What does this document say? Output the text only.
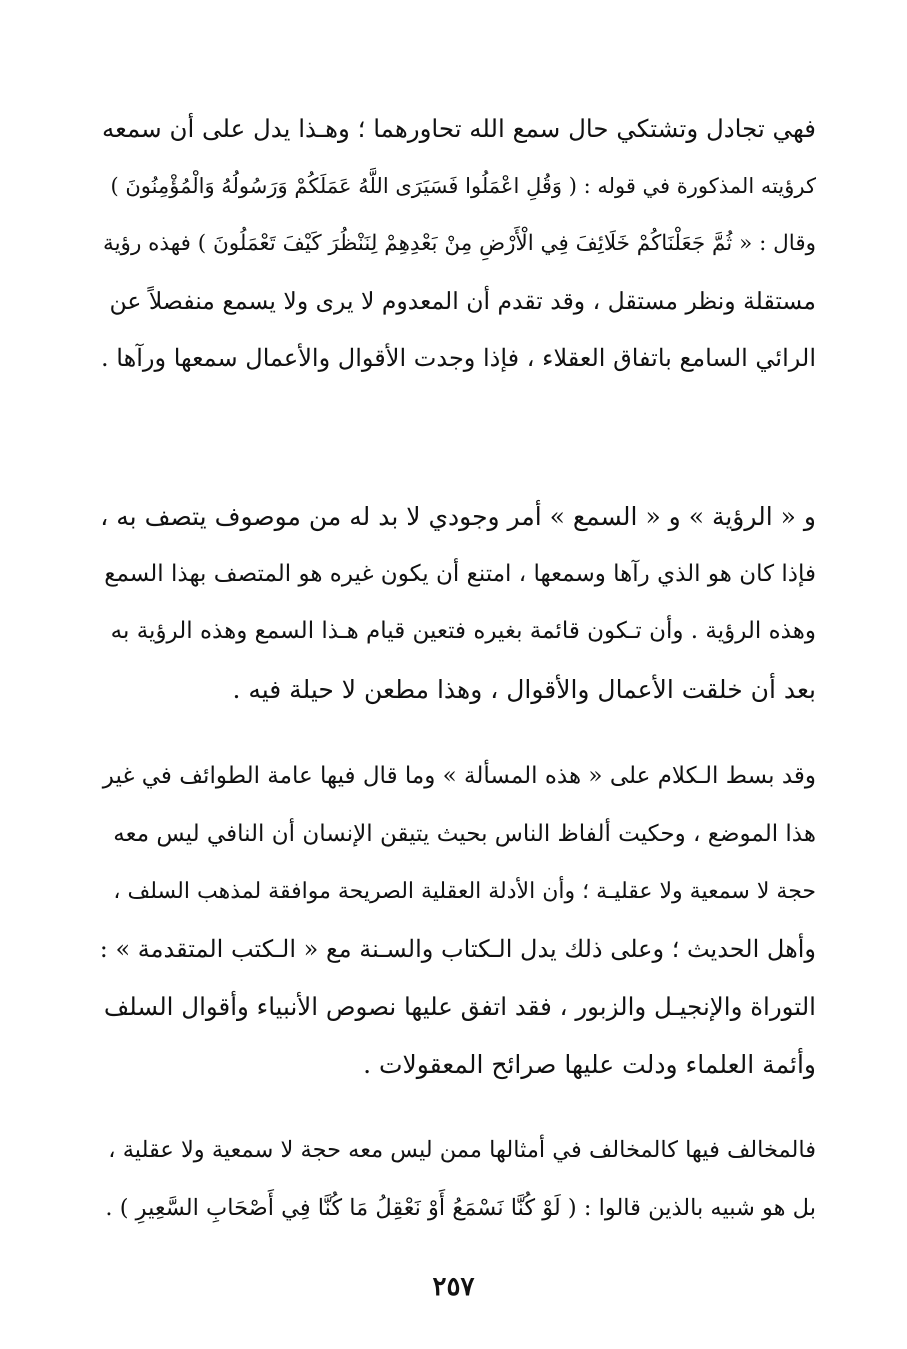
فهي تجادل وتشتكي حال سمع الله تحاورهما ؛ وهـذا يدل على أن سمعه
كرؤيته المذكورة في قوله : ( وَقُلِ اعْمَلُوا فَسَيَرَى اللَّهُ عَمَلَكُمْ وَرَسُولُهُ وَالْمُؤْمِنُونَ )
وقال : « ثُمَّ جَعَلْنَاكُمْ خَلَائِفَ فِي الْأَرْضِ مِنْ بَعْدِهِمْ لِنَنْظُرَ كَيْفَ تَعْمَلُونَ ) فهذه رؤية
مستقلة ونظر مستقل ، وقد تقدم أن المعدوم لا يرى ولا يسمع منفصلاً عن
الرائي السامع باتفاق العقلاء ، فإذا وجدت الأقوال والأعمال سمعها ورآها .
و « الرؤية » و « السمع » أمر وجودي لا بد له من موصوف يتصف به ،
فإذا كان هو الذي رآها وسمعها ، امتنع أن يكون غيره هو المتصف بهذا السمع
وهذه الرؤية . وأن تـكون قائمة بغيره فتعين قيام هـذا السمع وهذه الرؤية به
بعد أن خلقت الأعمال والأقوال ، وهذا مطعن لا حيلة فيه .
وقد بسط الـكلام على « هذه المسألة » وما قال فيها عامة الطوائف في غير
هذا الموضع ، وحكيت ألفاظ الناس بحيث يتيقن الإنسان أن النافي ليس معه
حجة لا سمعية ولا عقليـة ؛ وأن الأدلة العقلية الصريحة موافقة لمذهب السلف ،
وأهل الحديث ؛ وعلى ذلك يدل الـكتاب والسـنة مع « الـكتب المتقدمة » :
التوراة والإنجيـل والزبور ، فقد اتفق عليها نصوص الأنبياء وأقوال السلف
وأئمة العلماء ودلت عليها صرائح المعقولات .
فالمخالف فيها كالمخالف في أمثالها ممن ليس معه حجة لا سمعية ولا عقلية ،
بل هو شبيه بالذين قالوا : ( لَوْ كُنَّا نَسْمَعُ أَوْ نَعْقِلُ مَا كُنَّا فِي أَصْحَابِ السَّعِيرِ ) .
٢٥٧
